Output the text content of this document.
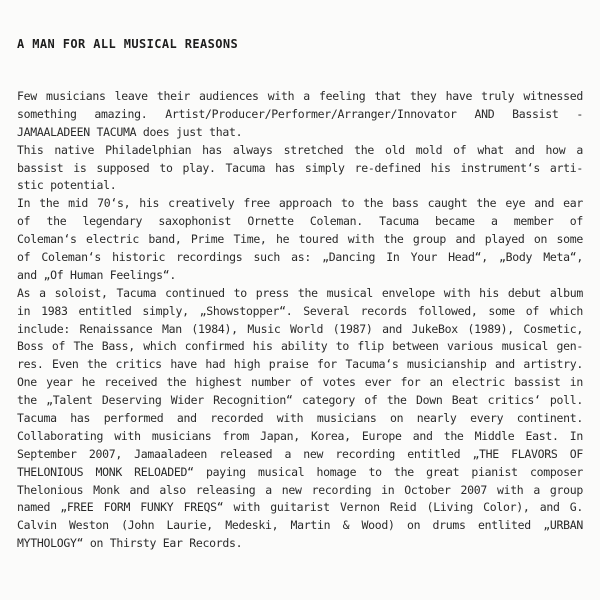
A MAN FOR ALL MUSICAL REASONS
Few musicians leave their audiences with a feeling that they have truly witnessed
something amazing. Artist/Producer/Performer/Arranger/Innovator AND Bassist -
JAMAALADEEN TACUMA does just that.
This native Philadelphian has always stretched the old mold of what and how a
bassist is supposed to play. Tacuma has simply re-defined his instrument‘s arti-
stic potential.
In the mid 70‘s, his creatively free approach to the bass caught the eye and ear
of the legendary saxophonist Ornette Coleman. Tacuma became a member of
Coleman‘s electric band, Prime Time, he toured with the group and played on some
of Coleman‘s historic recordings such as: „Dancing In Your Head“, „Body Meta“,
and „Of Human Feelings“.
As a soloist, Tacuma continued to press the musical envelope with his debut album
in 1983 entitled simply, „Showstopper“. Several records followed, some of which
include: Renaissance Man (1984), Music World (1987) and JukeBox (1989), Cosmetic,
Boss of The Bass, which confirmed his ability to flip between various musical gen-
res. Even the critics have had high praise for Tacuma‘s musicianship and artistry.
One year he received the highest number of votes ever for an electric bassist in
the „Talent Deserving Wider Recognition“ category of the Down Beat critics‘ poll.
Tacuma has performed and recorded with musicians on nearly every continent.
Collaborating with musicians from Japan, Korea, Europe and the Middle East. In
September 2007, Jamaaladeen released a new recording entitled „THE FLAVORS OF
THELONIOUS MONK RELOADED“ paying musical homage to the great pianist composer
Thelonious Monk and also releasing a new recording in October 2007 with a group
named „FREE FORM FUNKY FREQS“ with guitarist Vernon Reid (Living Color), and G.
Calvin Weston (John Laurie, Medeski, Martin & Wood) on drums entlited „URBAN
MYTHOLOGY“ on Thirsty Ear Records.
